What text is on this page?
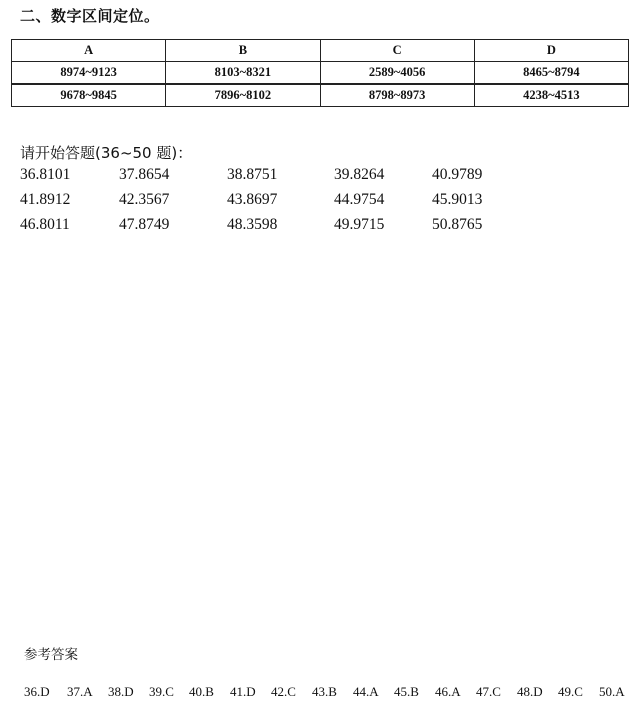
二、数字区间定位。
A	B	C	D
8974~9123	8103~8321	2589~4056	8465~8794
9678~9845	7896~8102	8798~8973	4238~4513
请开始答题(36~50 题)：
36.8101	37.8654	38.8751	39.8264	40.9789
41.8912	42.3567	43.8697	44.9754	45.9013
46.8011	47.8749	48.3598	49.9715	50.8765
参考答案
36.D 37.A 38.D 39.C 40.B 41.D 42.C 43.B 44.A 45.B 46.A 47.C 48.D 49.C 50.A
